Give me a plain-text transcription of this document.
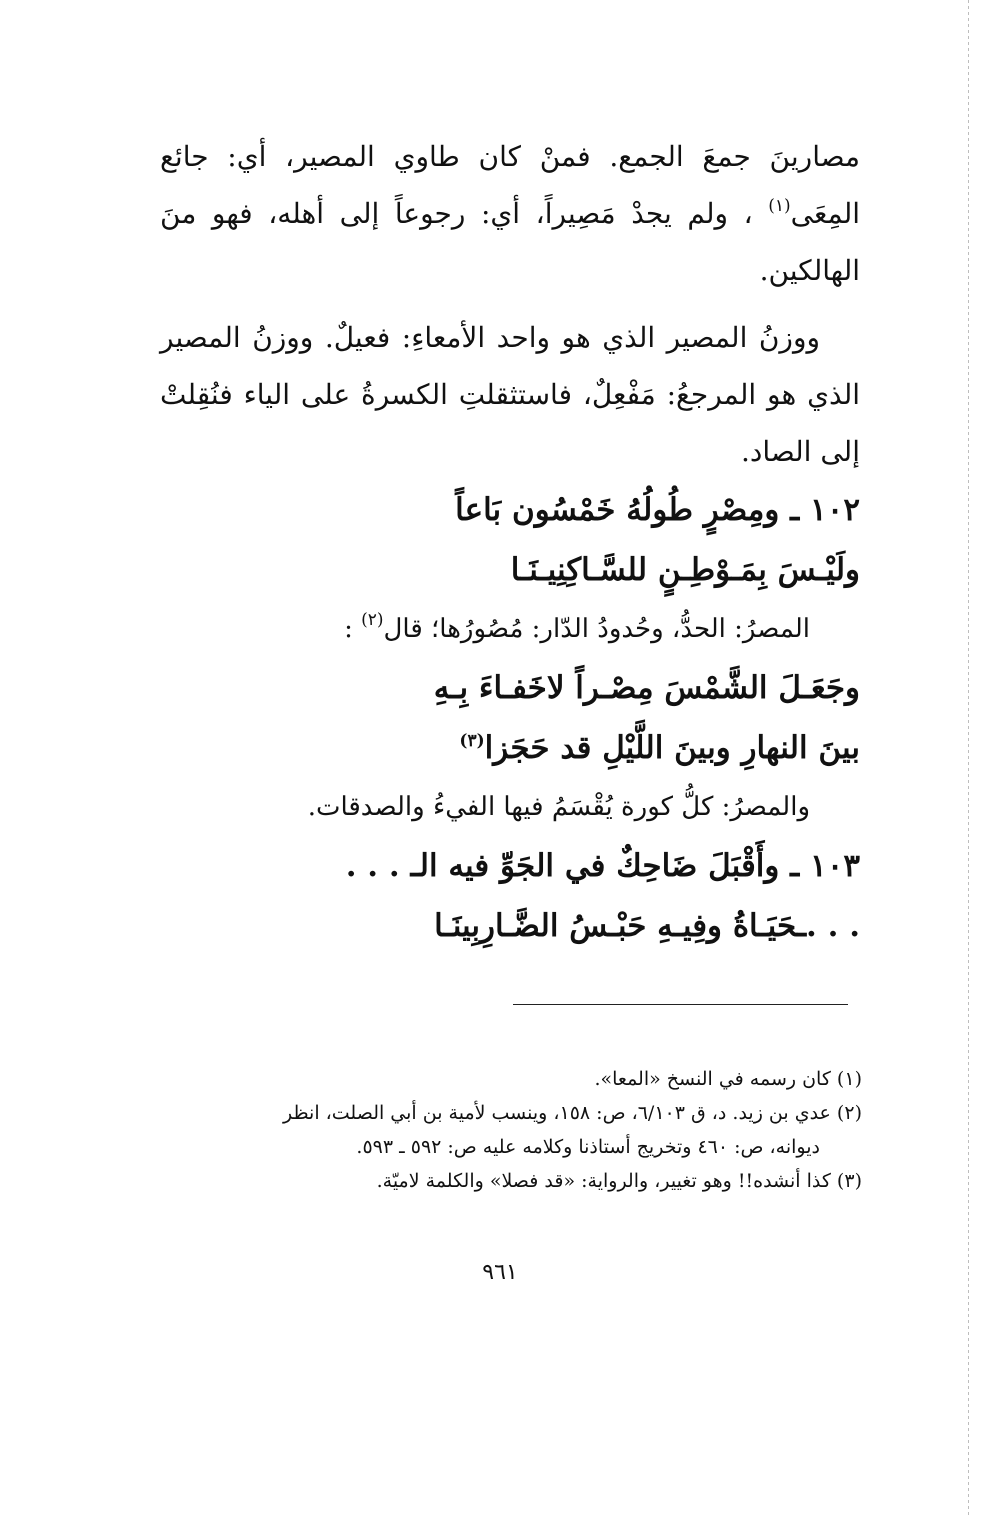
مصارينَ جمعَ الجمع. فمنْ كان طاوي المصير، أي: جائع المِعَى$^{(١)}$ ، ولم يجدْ مَصِيراً، أي: رجوعاً إلى أهله، فهو منَ الهالكين.

ووزنُ المصير الذي هو واحد الأمعاءِ: فعيلٌ. ووزنُ المصير الذي هو المرجعُ: مَفْعِلٌ، فاستثقلتِ الكسرةُ على الياء فنُقِلتْ إلى الصاد.

١٠٢ ـ ومِصْرٍ طُولُهُ خَمْسُون بَاعاً

ولَيْـسَ بِمَـوْطِـنٍ للسَّـاكِنِيـنَـا

المصرُ: الحدُّ، وحُدودُ الدّار: مُصُورُها؛ قال$^{(٢)}$ :

وجَعَـلَ الشَّمْسَ مِصْـراً لاخَفـاءَ بِـهِ

بينَ النهارِ وبينَ اللَّيْلِ قد حَجَزا$^{(٣)}$

والمصرُ: كلُّ كورة يُقْسَمُ فيها الفيءُ والصدقات.

١٠٣ ـ وأَقْبَلَ ضَاحِكٌ في الجَوِّ فيه الـ . . .

. . .ـحَيَـاةُ وفِيـهِ حَبْـسُ الضَّـارِبِينَـا

(١) كان رسمه في النسخ «المعا».

(٢) عدي بن زيد. د، ق ٦/١٠٣، ص: ١٥٨، وينسب لأمية بن أبي الصلت، انظر

ديوانه، ص: ٤٦٠ وتخريج أستاذنا وكلامه عليه ص: ٥٩٢ ـ ٥٩٣.

(٣) كذا أنشده!! وهو تغيير، والرواية: «قد فصلا» والكلمة لاميّة.

٩٦١
